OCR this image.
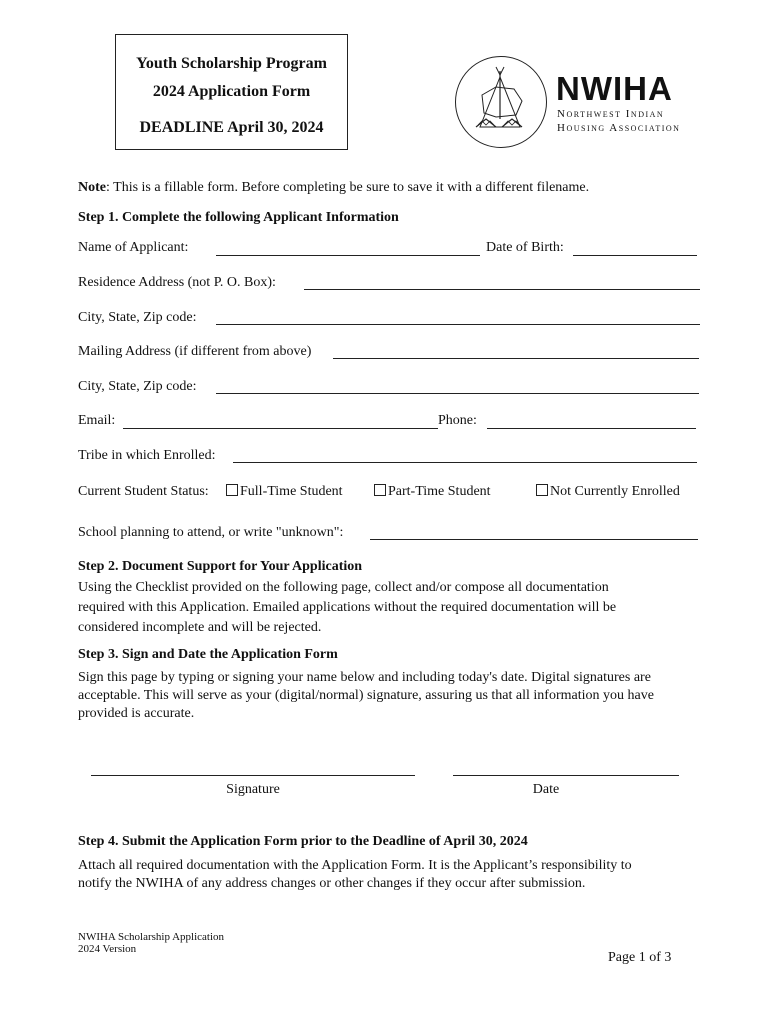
Youth Scholarship Program
2024 Application Form
DEADLINE April 30, 2024
NWIHA
Northwest Indian
Housing Association
Note: This is a fillable form. Before completing be sure to save it with a different filename.
Step 1. Complete the following Applicant Information
Name of Applicant:	Date of Birth:
Residence Address (not P. O. Box):
City, State, Zip code:
Mailing Address (if different from above)
City, State, Zip code:
Email:	Phone:
Tribe in which Enrolled:
Current Student Status:	Full-Time Student	Part-Time Student	Not Currently Enrolled
School planning to attend, or write "unknown":
Step 2. Document Support for Your Application
Using the Checklist provided on the following page, collect and/or compose all documentation
required with this Application. Emailed applications without the required documentation will be
considered incomplete and will be rejected.
Step 3. Sign and Date the Application Form
Sign this page by typing or signing your name below and including today's date. Digital signatures are
acceptable. This will serve as your (digital/normal) signature, assuring us that all information you have
provided is accurate.
Signature	Date
Step 4. Submit the Application Form prior to the Deadline of April 30, 2024
Attach all required documentation with the Application Form. It is the Applicant’s responsibility to
notify the NWIHA of any address changes or other changes if they occur after submission.
NWIHA Scholarship Application
2024 Version
Page 1 of 3
